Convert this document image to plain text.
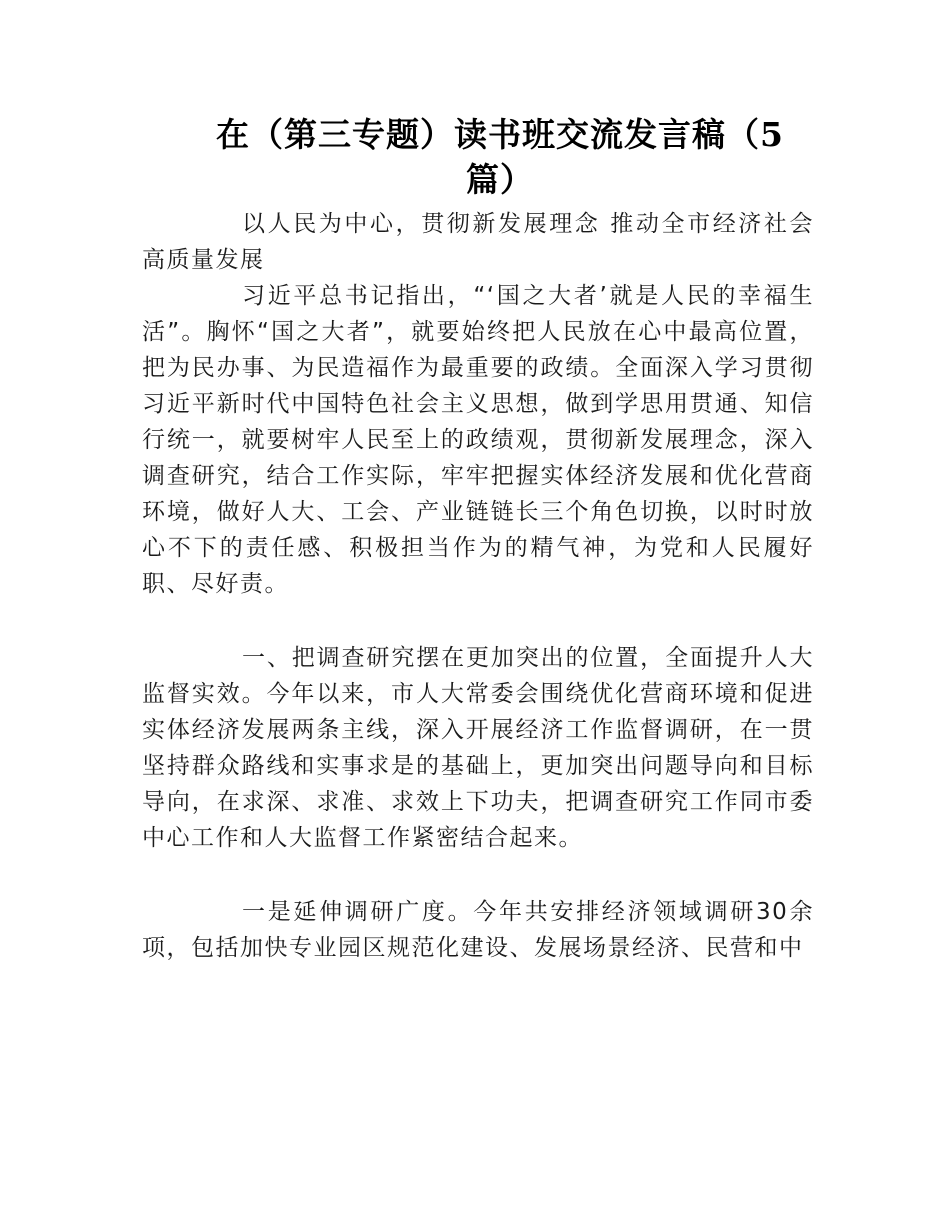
在（第三专题）读书班交流发言稿（5
篇）

以人民为中心，贯彻新发展理念 推动全市经济社会高质量发展

习近平总书记指出，“‘国之大者’就是人民的幸福生活”。胸怀“国之大者”，就要始终把人民放在心中最高位置，把为民办事、为民造福作为最重要的政绩。全面深入学习贯彻习近平新时代中国特色社会主义思想，做到学思用贯通、知信行统一，就要树牢人民至上的政绩观，贯彻新发展理念，深入调查研究，结合工作实际，牢牢把握实体经济发展和优化营商环境，做好人大、工会、产业链链长三个角色切换，以时时放心不下的责任感、积极担当作为的精气神，为党和人民履好职、尽好责。

一、把调查研究摆在更加突出的位置，全面提升人大监督实效。今年以来，市人大常委会围绕优化营商环境和促进实体经济发展两条主线，深入开展经济工作监督调研，在一贯坚持群众路线和实事求是的基础上，更加突出问题导向和目标导向，在求深、求准、求效上下功夫，把调查研究工作同市委中心工作和人大监督工作紧密结合起来。

一是延伸调研广度。今年共安排经济领域调研30余项，包括加快专业园区规范化建设、发展场景经济、民营和中
